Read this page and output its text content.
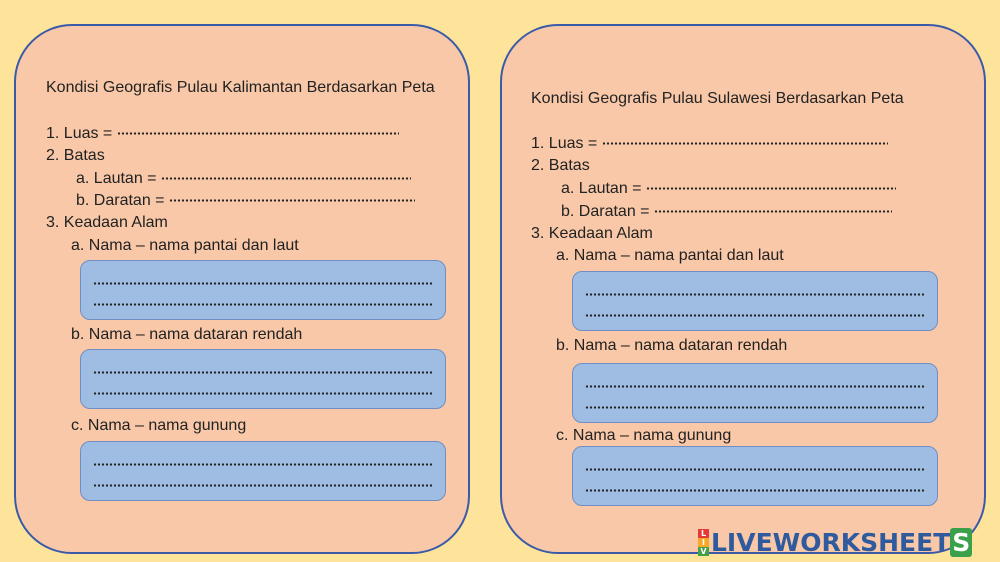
Kondisi Geografis Pulau Kalimantan Berdasarkan Peta
1. Luas =
2. Batas
a. Lautan =
b. Daratan =
3. Keadaan Alam
a. Nama – nama pantai dan laut
b. Nama – nama dataran rendah
c. Nama – nama gunung
Kondisi Geografis Pulau Sulawesi Berdasarkan Peta
1. Luas =
2. Batas
a. Lautan =
b. Daratan =
3. Keadaan Alam
a. Nama – nama pantai dan laut
b. Nama – nama dataran rendah
c. Nama – nama gunung
L
I
V LIVEWORKSHEET S
